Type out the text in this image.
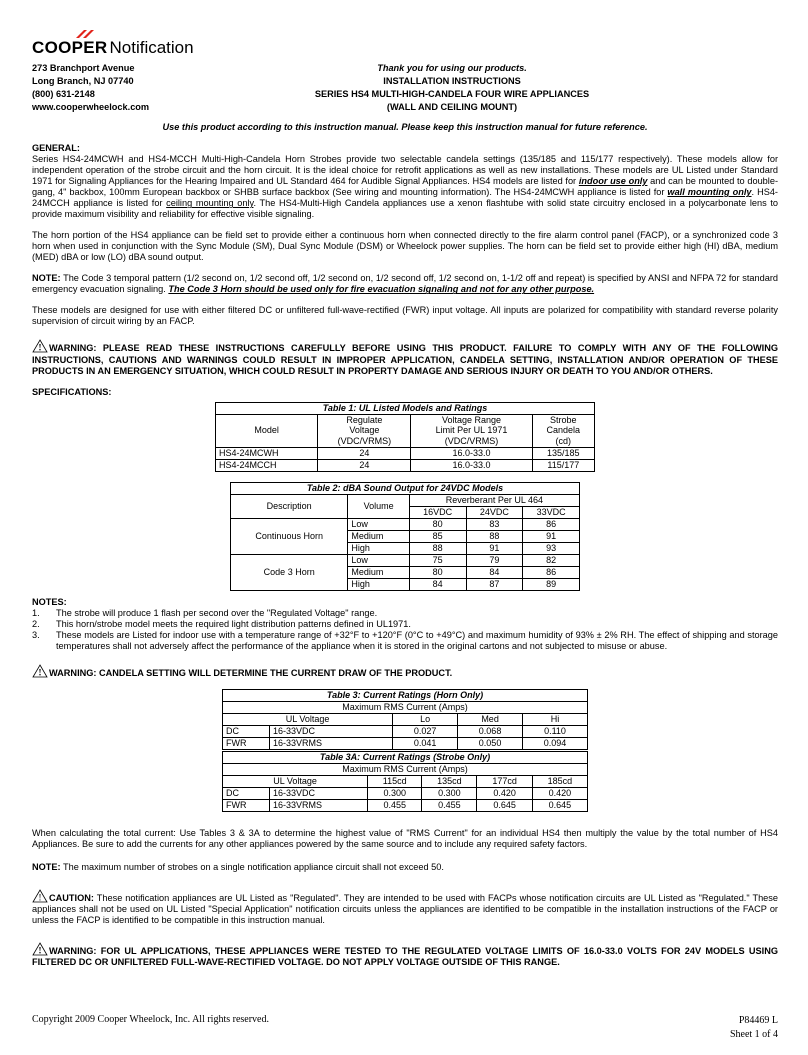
COOPER Notification
273 Branchport Avenue
Long Branch, NJ 07740
(800) 631-2148
www.cooperwheelock.com
Thank you for using our products.
INSTALLATION INSTRUCTIONS
SERIES HS4 MULTI-HIGH-CANDELA FOUR WIRE APPLIANCES
(WALL AND CEILING MOUNT)
Use this product according to this instruction manual. Please keep this instruction manual for future reference.
GENERAL:

Series HS4-24MCWH and HS4-MCCH Multi-High-Candela Horn Strobes provide two selectable candela settings (135/185 and 115/177 respectively). These models allow for independent operation of the strobe circuit and the horn circuit. It is the ideal choice for retrofit applications as well as new installations. These models are UL Listed under Standard 1971 for Signaling Appliances for the Hearing Impaired and UL Standard 464 for Audible Signal Appliances. HS4 models are listed for indoor use only and can be mounted to double-gang, 4" backbox, 100mm European backbox or SHBB surface backbox (See wiring and mounting information). The HS4-24MCWH appliance is listed for wall mounting only. HS4-24MCCH appliance is listed for ceiling mounting only. The HS4-Multi-High Candela appliances use a xenon flashtube with solid state circuitry enclosed in a polycarbonate lens to provide maximum visibility and reliability for effective visible signaling.

The horn portion of the HS4 appliance can be field set to provide either a continuous horn when connected directly to the fire alarm control panel (FACP), or a synchronized code 3 horn when used in conjunction with the Sync Module (SM), Dual Sync Module (DSM) or Wheelock power supplies. The horn can be field set to provide either high (HI) dBA, medium (MED) dBA or low (LO) dBA sound output.

NOTE: The Code 3 temporal pattern (1/2 second on, 1/2 second off, 1/2 second on, 1/2 second off, 1/2 second on, 1-1/2 off and repeat) is specified by ANSI and NFPA 72 for standard emergency evacuation signaling. The Code 3 Horn should be used only for fire evacuation signaling and not for any other purpose.

These models are designed for use with either filtered DC or unfiltered full-wave-rectified (FWR) input voltage. All inputs are polarized for compatibility with standard reverse polarity supervision of circuit wiring by an FACP.

! WARNING: PLEASE READ THESE INSTRUCTIONS CAREFULLY BEFORE USING THIS PRODUCT. FAILURE TO COMPLY WITH ANY OF THE FOLLOWING INSTRUCTIONS, CAUTIONS AND WARNINGS COULD RESULT IN IMPROPER APPLICATION, CANDELA SETTING, INSTALLATION AND/OR OPERATION OF THESE PRODUCTS IN AN EMERGENCY SITUATION, WHICH COULD RESULT IN PROPERTY DAMAGE AND SERIOUS INJURY OR DEATH TO YOU AND/OR OTHERS.
SPECIFICATIONS:
Table 1: UL Listed Models and Ratings			

Model	Regulate
Voltage
(VDC/VRMS)	Voltage Range
Limit Per UL 1971
(VDC/VRMS)	Strobe
Candela
(cd)
HS4-24MCWH	24	16.0-33.0	135/185
HS4-24MCCH	24	16.0-33.0	115/177
Table 2: dBA Sound Output for 24VDC Models				
Description	Volume	Reverberant Per UL 464		
		16VDC	24VDC	33VDC
Continuous Horn	Low	80	83	86
	Medium	85	88	91
	High	88	91	93
Code 3 Horn	Low	75	79	82
	Medium	80	84	86
	High	84	87	89
NOTES:
1.	The strobe will produce 1 flash per second over the "Regulated Voltage" range.
2.	This horn/strobe model meets the required light distribution patterns defined in UL1971.
3.	These models are Listed for indoor use with a temperature range of +32°F to +120°F (0°C to +49°C) and maximum humidity of 93% ± 2% RH. The effect of shipping and storage temperatures shall not adversely affect the performance of the appliance when it is stored in the original cartons and not subjected to misuse or abuse.
! WARNING: CANDELA SETTING WILL DETERMINE THE CURRENT DRAW OF THE PRODUCT.
Table 3: Current Ratings (Horn Only)				
Maximum RMS Current (Amps)				
UL Voltage		Lo	Med	Hi
DC	16-33VDC	0.027	0.068	0.110
FWR	16-33VRMS	0.041	0.050	0.094
Table 3A: Current Ratings (Strobe Only)					
Maximum RMS Current (Amps)					
UL Voltage		115cd	135cd	177cd	185cd
DC	16-33VDC	0.300	0.300	0.420	0.420
FWR	16-33VRMS	0.455	0.455	0.645	0.645

When calculating the total current: Use Tables 3 & 3A to determine the highest value of "RMS Current" for an individual HS4 then multiply the value by the total number of HS4 Appliances. Be sure to add the currents for any other appliances powered by the same source and to include any required safety factors.

NOTE: The maximum number of strobes on a single notification appliance circuit shall not exceed 50.

! CAUTION: These notification appliances are UL Listed as "Regulated". They are intended to be used with FACPs whose notification circuits are UL Listed as "Regulated." These appliances shall not be used on UL Listed "Special Application" notification circuits unless the appliances are identified to be compatible in the installation instructions of the FACP or unless the FACP is identified to be compatible in this instruction manual.

! WARNING: FOR UL APPLICATIONS, THESE APPLIANCES WERE TESTED TO THE REGULATED VOLTAGE LIMITS OF 16.0-33.0 VOLTS FOR 24V MODELS USING FILTERED DC OR UNFILTERED FULL-WAVE-RECTIFIED VOLTAGE. DO NOT APPLY VOLTAGE OUTSIDE OF THIS RANGE.
Copyright 2009 Cooper Wheelock, Inc. All rights reserved.	P84469 L
Sheet 1 of 4
